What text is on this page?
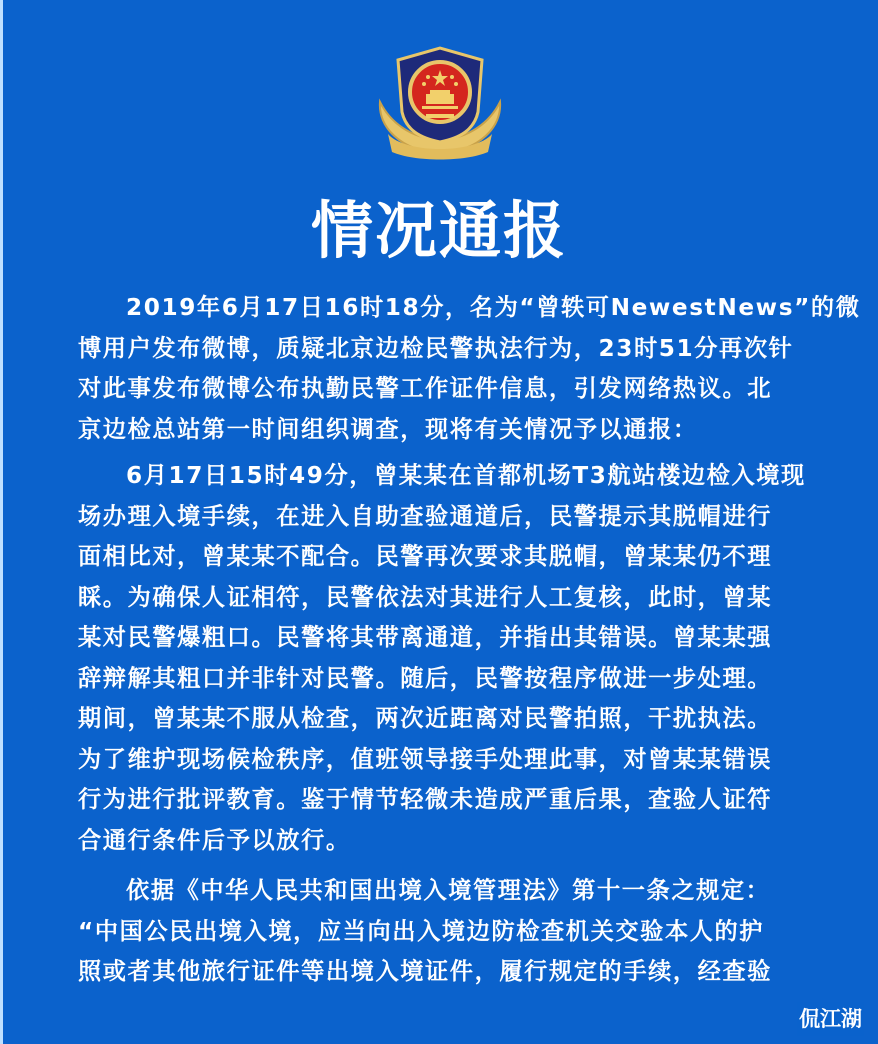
情况通报
2019年6月17日16时18分，名为“曾轶可NewestNews”的微
博用户发布微博，质疑北京边检民警执法行为，23时51分再次针
对此事发布微博公布执勤民警工作证件信息，引发网络热议。北
京边检总站第一时间组织调查，现将有关情况予以通报：
6月17日15时49分，曾某某在首都机场T3航站楼边检入境现
场办理入境手续，在进入自助查验通道后，民警提示其脱帽进行
面相比对，曾某某不配合。民警再次要求其脱帽，曾某某仍不理
睬。为确保人证相符，民警依法对其进行人工复核，此时，曾某
某对民警爆粗口。民警将其带离通道，并指出其错误。曾某某强
辞辩解其粗口并非针对民警。随后，民警按程序做进一步处理。
期间，曾某某不服从检查，两次近距离对民警拍照，干扰执法。
为了维护现场候检秩序，值班领导接手处理此事，对曾某某错误
行为进行批评教育。鉴于情节轻微未造成严重后果，查验人证符
合通行条件后予以放行。
依据《中华人民共和国出境入境管理法》第十一条之规定：
“中国公民出境入境，应当向出入境边防检查机关交验本人的护
照或者其他旅行证件等出境入境证件，履行规定的手续，经查验
侃江湖
